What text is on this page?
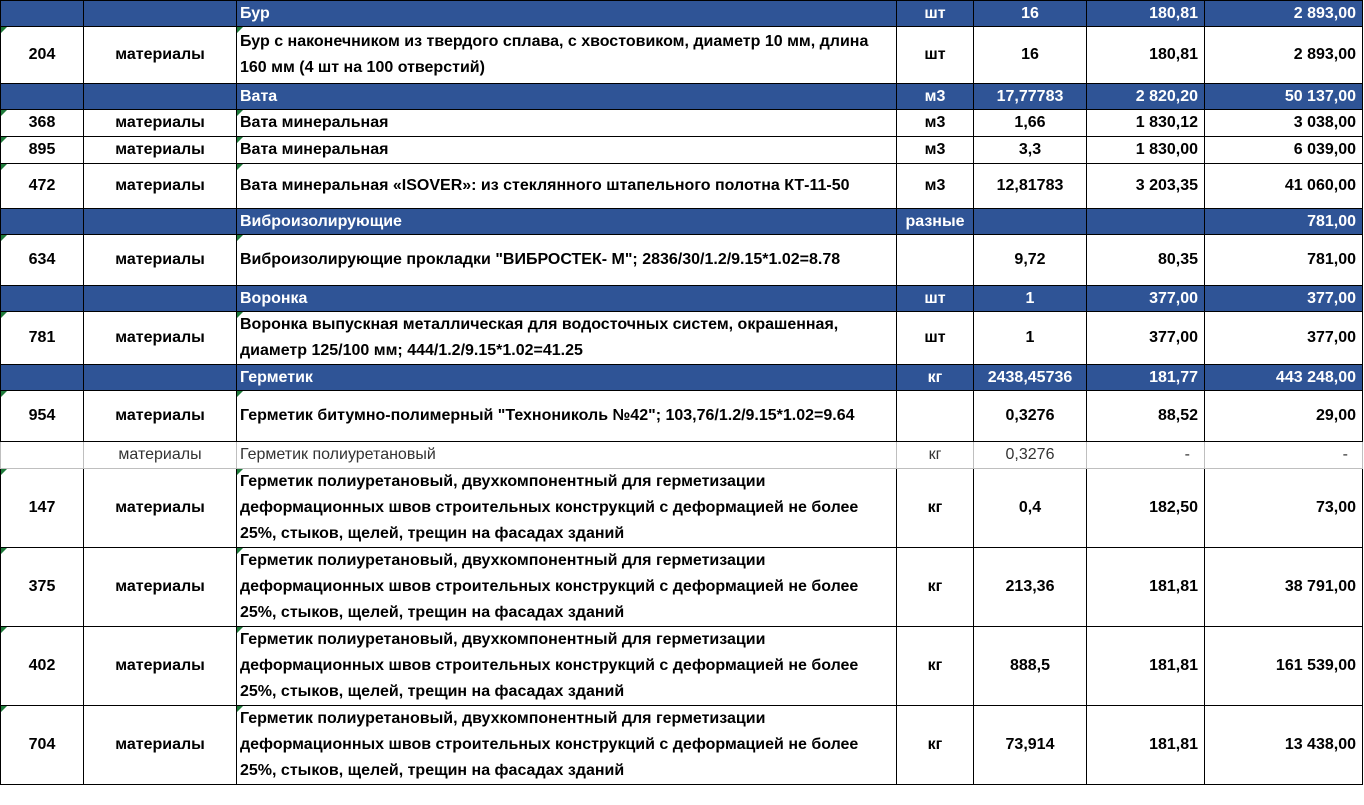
		Бур	шт	16	180,81	2 893,00
204	материалы	Бур с наконечником из твердого сплава, с хвостовиком, диаметр 10 мм, длина 160 мм (4 шт на 100 отверстий)	шт	16	180,81	2 893,00
		Вата	м3	17,77783	2 820,20	50 137,00
368	материалы	Вата минеральная	м3	1,66	1 830,12	3 038,00
895	материалы	Вата минеральная	м3	3,3	1 830,00	6 039,00
472	материалы	Вата минеральная «ISOVER»: из стеклянного штапельного полотна КТ-11-50	м3	12,81783	3 203,35	41 060,00
		Виброизолирующие	разные			781,00
634	материалы	Виброизолирующие прокладки "ВИБРОСТЕК- М"; 2836/30/1.2/9.15*1.02=8.78		9,72	80,35	781,00
		Воронка	шт	1	377,00	377,00
781	материалы	Воронка выпускная металлическая для водосточных систем, окрашенная, диаметр 125/100 мм; 444/1.2/9.15*1.02=41.25	шт	1	377,00	377,00
		Герметик	кг	2438,45736	181,77	443 248,00
954	материалы	Герметик битумно-полимерный "Технониколь №42"; 103,76/1.2/9.15*1.02=9.64		0,3276	88,52	29,00
	материалы	Герметик полиуретановый	кг	0,3276	-	-
147	материалы	Герметик полиуретановый, двухкомпонентный для герметизации деформационных швов строительных конструкций с деформацией не более 25%, стыков, щелей, трещин на фасадах зданий	кг	0,4	182,50	73,00
375	материалы	Герметик полиуретановый, двухкомпонентный для герметизации деформационных швов строительных конструкций с деформацией не более 25%, стыков, щелей, трещин на фасадах зданий	кг	213,36	181,81	38 791,00
402	материалы	Герметик полиуретановый, двухкомпонентный для герметизации деформационных швов строительных конструкций с деформацией не более 25%, стыков, щелей, трещин на фасадах зданий	кг	888,5	181,81	161 539,00
704	материалы	Герметик полиуретановый, двухкомпонентный для герметизации деформационных швов строительных конструкций с деформацией не более 25%, стыков, щелей, трещин на фасадах зданий	кг	73,914	181,81	13 438,00
